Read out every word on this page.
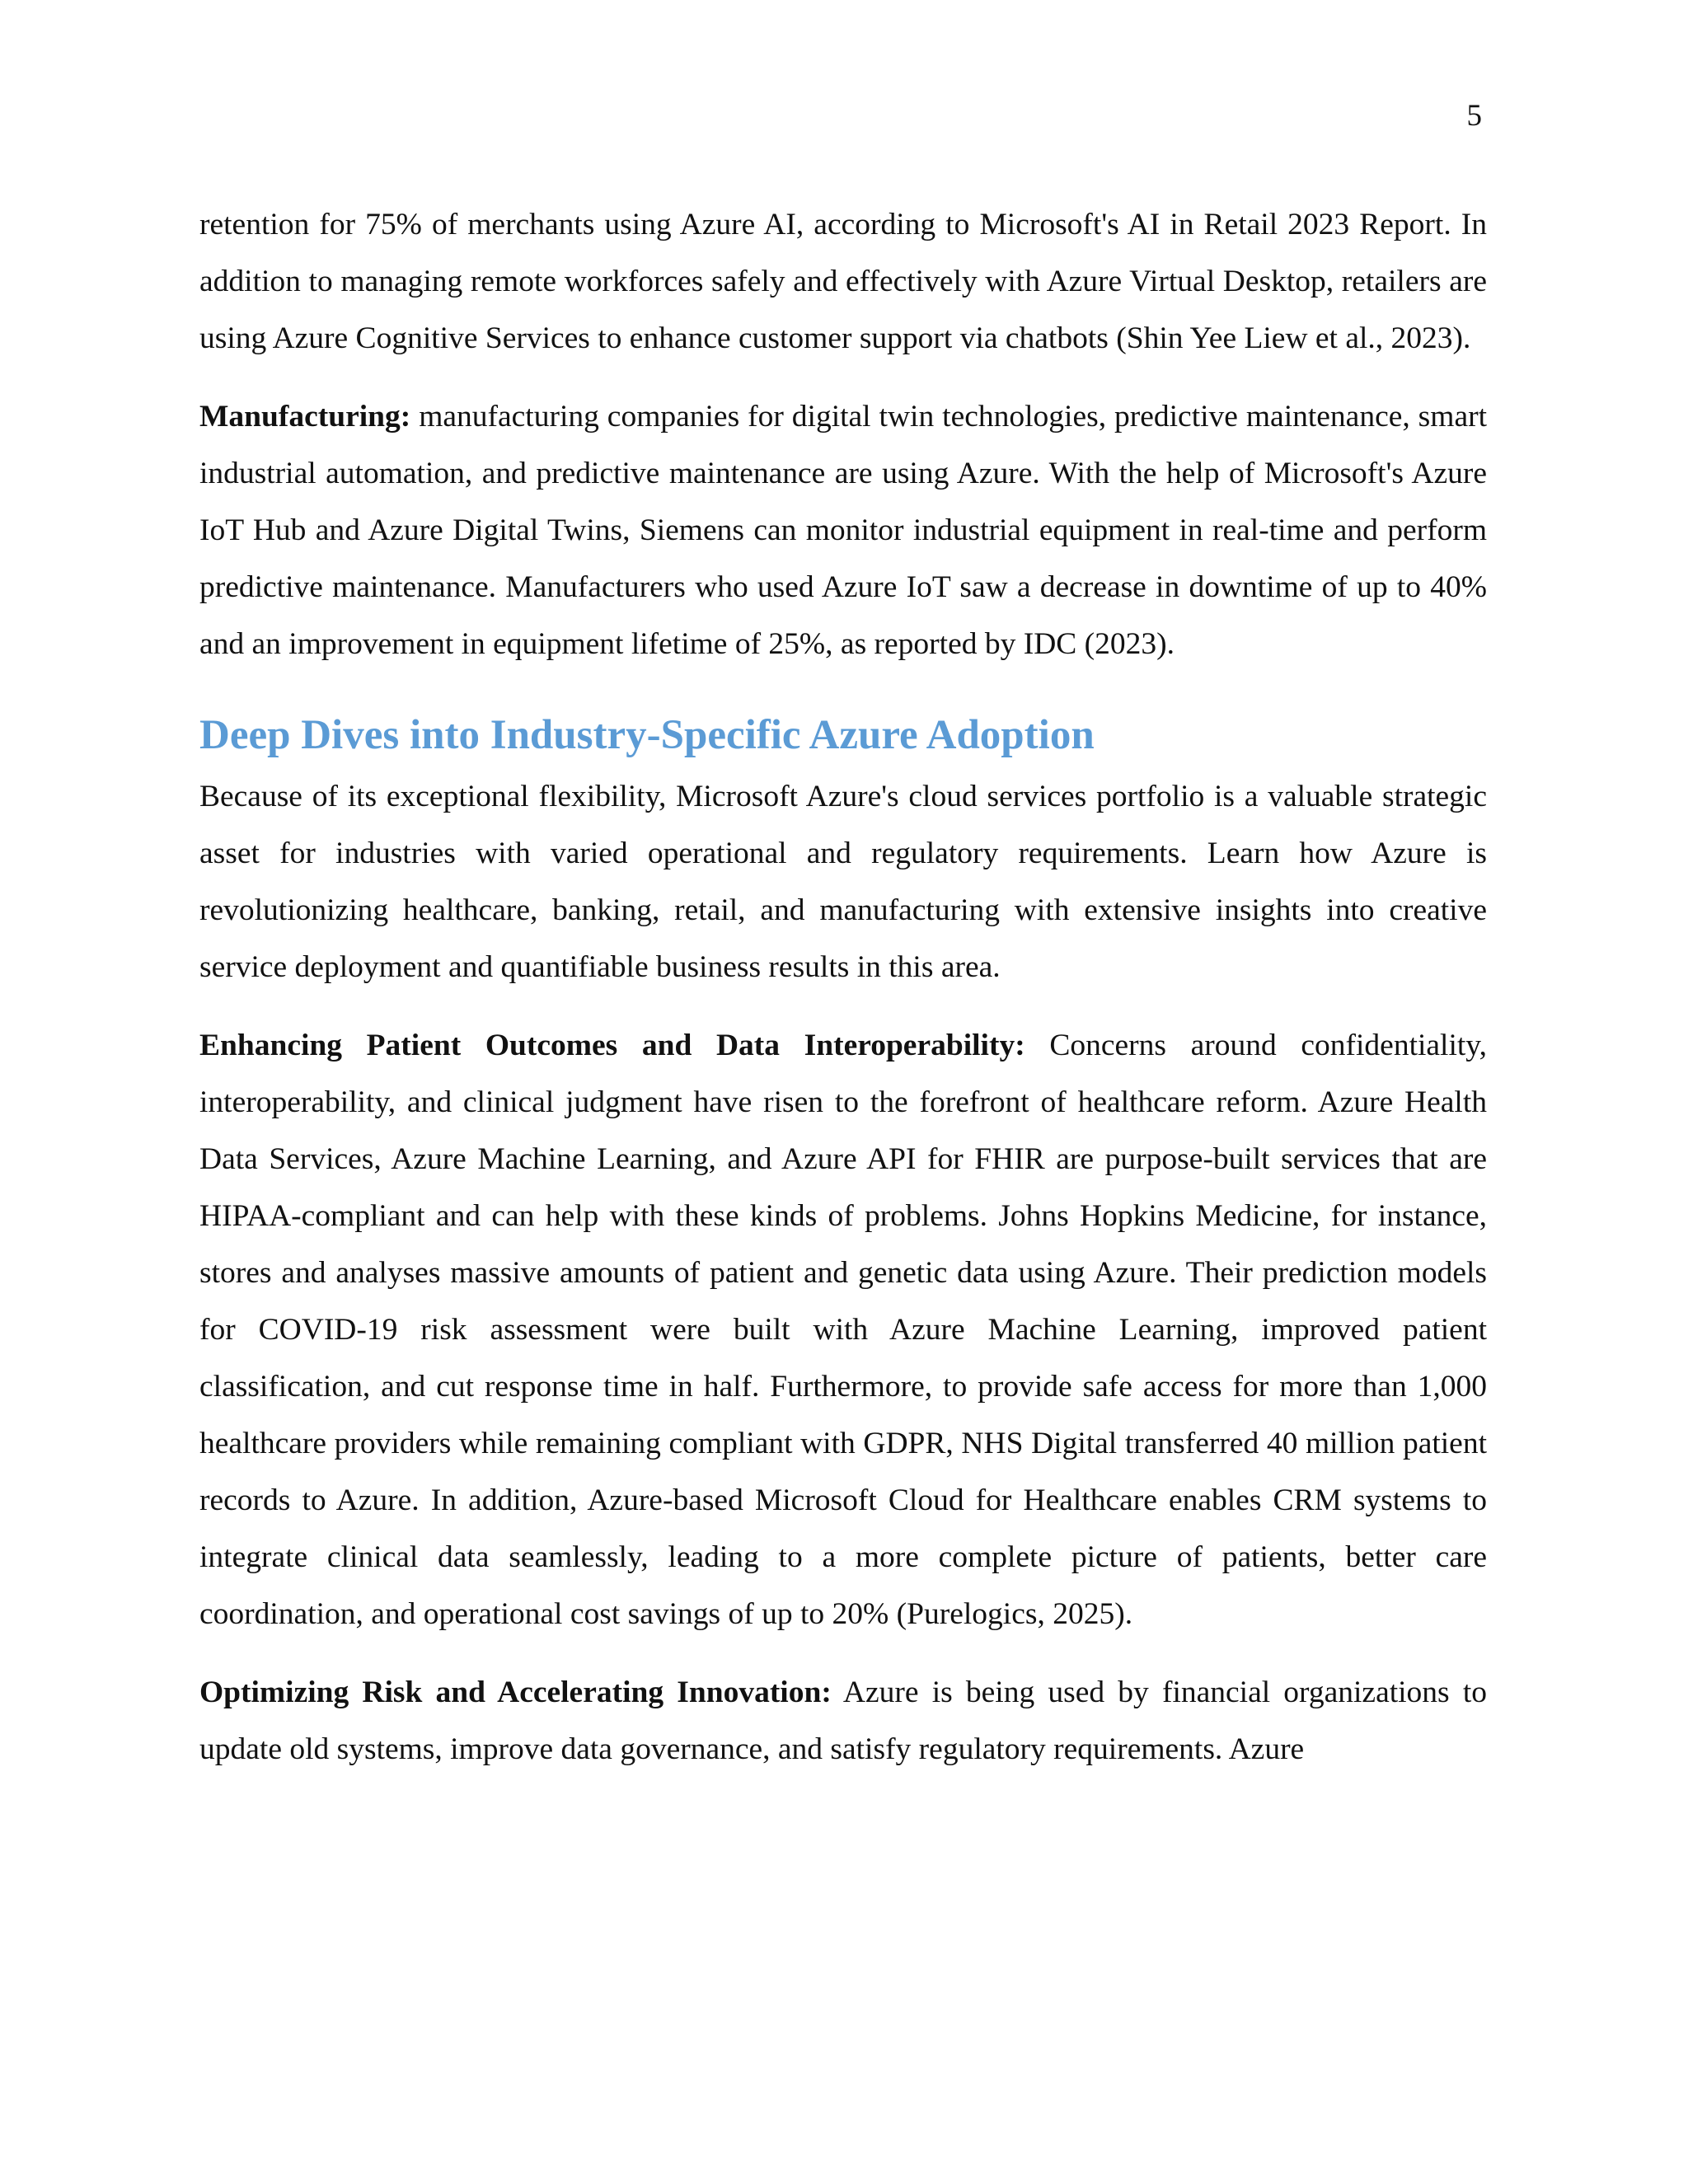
5

retention for 75% of merchants using Azure AI, according to Microsoft's AI in Retail 2023 Report. In addition to managing remote workforces safely and effectively with Azure Virtual Desktop, retailers are using Azure Cognitive Services to enhance customer support via chatbots (Shin Yee Liew et al., 2023).

Manufacturing: manufacturing companies for digital twin technologies, predictive maintenance, smart industrial automation, and predictive maintenance are using Azure. With the help of Microsoft's Azure IoT Hub and Azure Digital Twins, Siemens can monitor industrial equipment in real-time and perform predictive maintenance. Manufacturers who used Azure IoT saw a decrease in downtime of up to 40% and an improvement in equipment lifetime of 25%, as reported by IDC (2023).

Deep Dives into Industry-Specific Azure Adoption

Because of its exceptional flexibility, Microsoft Azure's cloud services portfolio is a valuable strategic asset for industries with varied operational and regulatory requirements. Learn how Azure is revolutionizing healthcare, banking, retail, and manufacturing with extensive insights into creative service deployment and quantifiable business results in this area.

Enhancing Patient Outcomes and Data Interoperability: Concerns around confidentiality, interoperability, and clinical judgment have risen to the forefront of healthcare reform. Azure Health Data Services, Azure Machine Learning, and Azure API for FHIR are purpose-built services that are HIPAA-compliant and can help with these kinds of problems. Johns Hopkins Medicine, for instance, stores and analyses massive amounts of patient and genetic data using Azure. Their prediction models for COVID-19 risk assessment were built with Azure Machine Learning, improved patient classification, and cut response time in half. Furthermore, to provide safe access for more than 1,000 healthcare providers while remaining compliant with GDPR, NHS Digital transferred 40 million patient records to Azure. In addition, Azure-based Microsoft Cloud for Healthcare enables CRM systems to integrate clinical data seamlessly, leading to a more complete picture of patients, better care coordination, and operational cost savings of up to 20% (Purelogics, 2025).

Optimizing Risk and Accelerating Innovation: Azure is being used by financial organizations to update old systems, improve data governance, and satisfy regulatory requirements. Azure
